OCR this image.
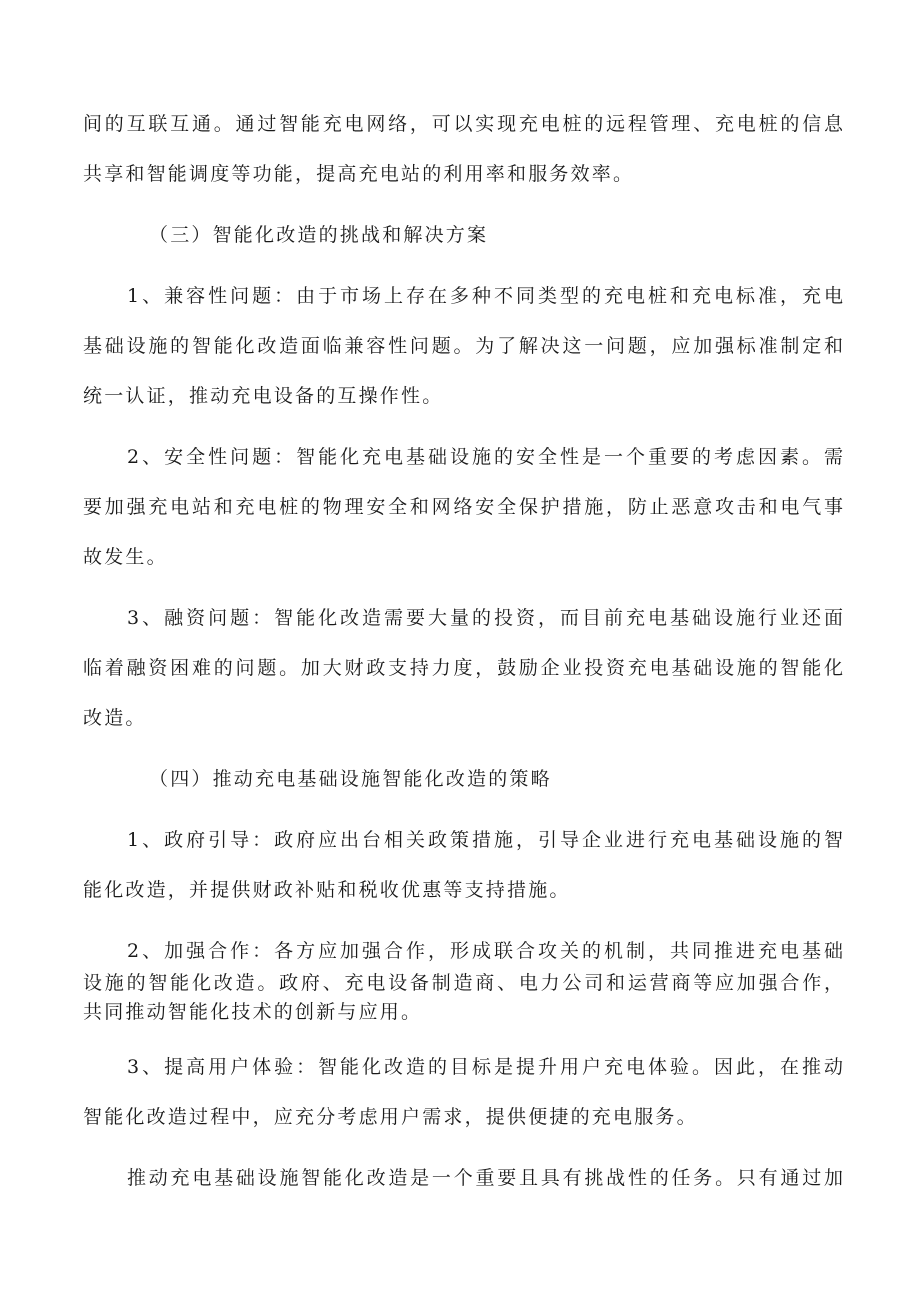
间的互联互通。通过智能充电网络，可以实现充电桩的远程管理、充电桩的信息
共享和智能调度等功能，提高充电站的利用率和服务效率。
（三）智能化改造的挑战和解决方案
1、兼容性问题：由于市场上存在多种不同类型的充电桩和充电标准，充电
基础设施的智能化改造面临兼容性问题。为了解决这一问题，应加强标准制定和
统一认证，推动充电设备的互操作性。
2、安全性问题：智能化充电基础设施的安全性是一个重要的考虑因素。需
要加强充电站和充电桩的物理安全和网络安全保护措施，防止恶意攻击和电气事
故发生。
3、融资问题：智能化改造需要大量的投资，而目前充电基础设施行业还面
临着融资困难的问题。加大财政支持力度，鼓励企业投资充电基础设施的智能化
改造。
（四）推动充电基础设施智能化改造的策略
1、政府引导：政府应出台相关政策措施，引导企业进行充电基础设施的智
能化改造，并提供财政补贴和税收优惠等支持措施。
2、加强合作：各方应加强合作，形成联合攻关的机制，共同推进充电基础
设施的智能化改造。政府、充电设备制造商、电力公司和运营商等应加强合作，
共同推动智能化技术的创新与应用。
3、提高用户体验：智能化改造的目标是提升用户充电体验。因此，在推动
智能化改造过程中，应充分考虑用户需求，提供便捷的充电服务。
推动充电基础设施智能化改造是一个重要且具有挑战性的任务。只有通过加
